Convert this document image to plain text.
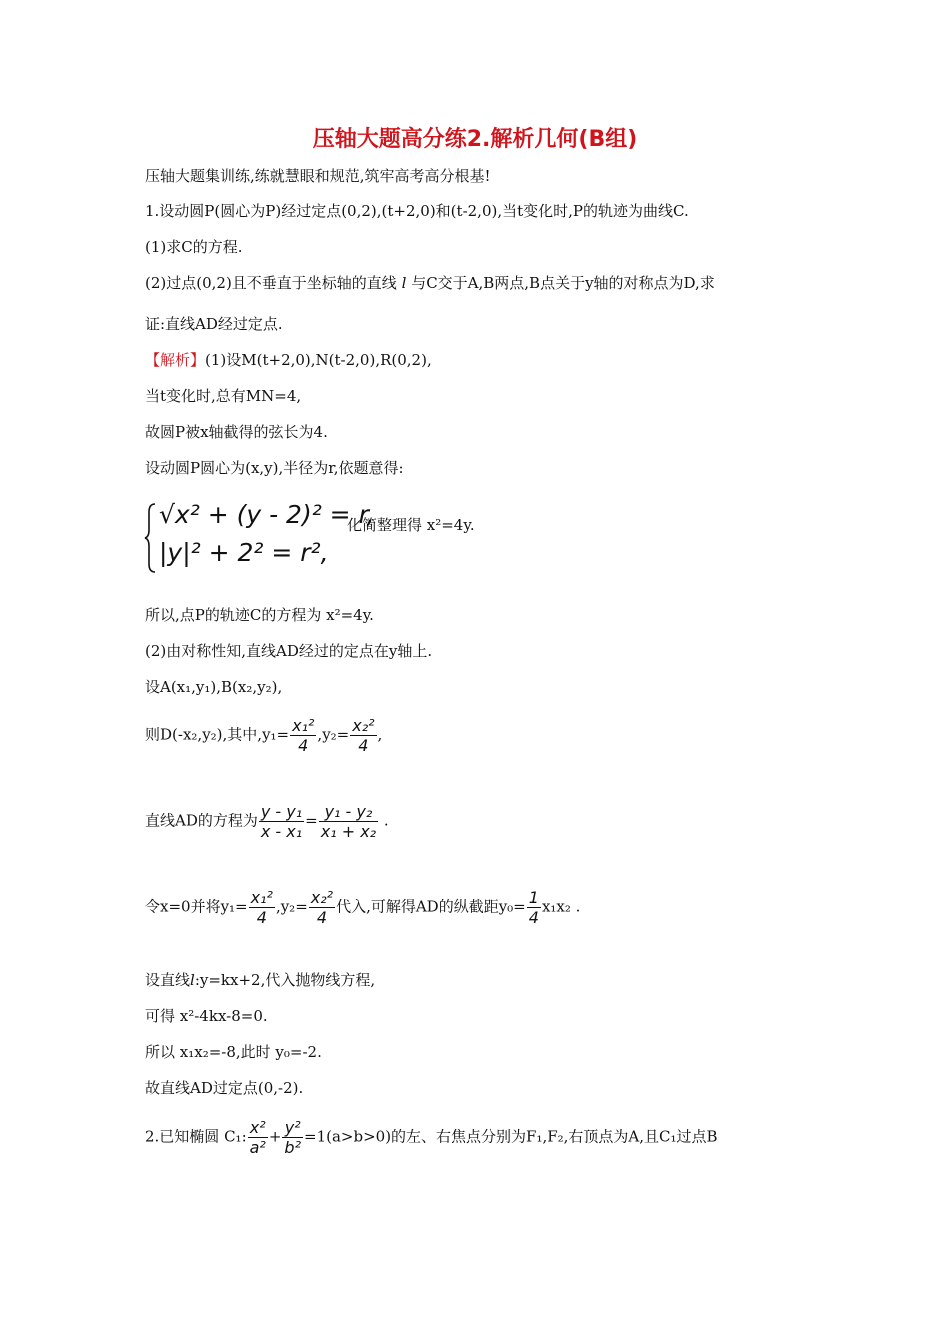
压轴大题高分练2.解析几何(B组)
压轴大题集训练,练就慧眼和规范,筑牢高考高分根基!
1.设动圆P(圆心为P)经过定点(0,2),(t+2,0)和(t-2,0),当t变化时,P的轨迹为曲线C.
(1)求C的方程.
(2)过点(0,2)且不垂直于坐标轴的直线 l 与C交于A,B两点,B点关于y轴的对称点为D,求
证:直线AD经过定点.
【解析】(1)设M(t+2,0),N(t-2,0),R(0,2),
当t变化时,总有MN=4,
故圆P被x轴截得的弦长为4.
设动圆P圆心为(x,y),半径为r,依题意得:
√x² + (y - 2)² = r,
化简整理得 x²=4y.
|y|² + 2² = r²,
所以,点P的轨迹C的方程为 x²=4y.
(2)由对称性知,直线AD经过的定点在y轴上.
设A(x₁,y₁),B(x₂,y₂),
则D(-x₂,y₂),其中$,y_1= \frac{\text{x₁²}}{4} ,y_2= \frac{\text{x₂²}}{4}$ ,
直线AD的方程为 $\frac{\text{y - y₁}}{\text{x - x₁}} = \frac{\text{y₁ - y₂}}{\text{x₁ + x₂}}$ .
令x=0并将$y_1= \frac{\text{x₁²}}{4} ,y_2= \frac{\text{x₂²}}{4}$ 代入,可解得AD的纵截距$y_0= \frac{1}{4} x_1x_2$ .
设直线l:y=kx+2,代入抛物线方程,
可得 x²-4kx-8=0.
所以 x₁x₂=-8,此时 y₀=-2.
故直线AD过定点(0,-2).
2.已知椭圆 C₁: $\frac{\text{x²}}{\text{a²}} + \frac{\text{y²}}{\text{b²}} =1(a>b>0)$的左、右焦点分别为F₁,F₂,右顶点为A,且C₁过点B
